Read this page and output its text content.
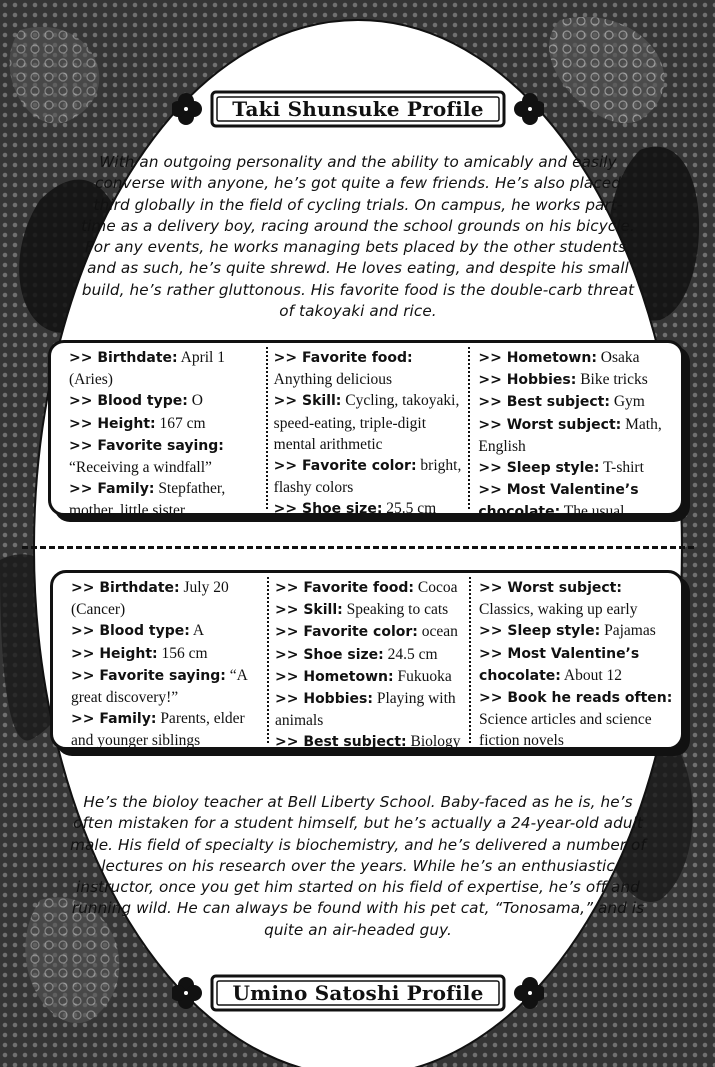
Taki Shunsuke Profile

With an outgoing personality and the ability to amicably and easily converse with anyone, he’s got quite a few friends. He’s also placed third globally in the field of cycling trials. On campus, he works part-time as a delivery boy, racing around the school grounds on his bicycle. For any events, he works managing bets placed by the other students, and as such, he’s quite shrewd. He loves eating, and despite his small build, he’s rather gluttonous. His favorite food is the double-carb threat of takoyaki and rice.

>> Birthdate: April 1 (Aries)
>> Blood type: O
>> Height: 167 cm
>> Favorite saying: “Receiving a windfall”
>> Family: Stepfather, mother, little sister
>> Favorite food: Anything delicious
>> Skill: Cycling, takoyaki, speed-eating, triple-digit mental arithmetic
>> Favorite color: bright, flashy colors
>> Shoe size: 25.5 cm
>> Hometown: Osaka
>> Hobbies: Bike tricks
>> Best subject: Gym
>> Worst subject: Math, English
>> Sleep style: T-shirt
>> Most Valentine’s chocolate: The usual
>> Birthdate: July 20 (Cancer)
>> Blood type: A
>> Height: 156 cm
>> Favorite saying: “A great discovery!”
>> Family: Parents, elder and younger siblings
>> Favorite food: Cocoa
>> Skill: Speaking to cats
>> Favorite color: ocean
>> Shoe size: 24.5 cm
>> Hometown: Fukuoka
>> Hobbies: Playing with animals
>> Best subject: Biology
>> Worst subject: Classics, waking up early
>> Sleep style: Pajamas
>> Most Valentine’s chocolate: About 12
>> Book he reads often: Science articles and science fiction novels

He’s the bioloy teacher at Bell Liberty School. Baby-faced as he is, he’s often mistaken for a student himself, but he’s actually a 24-year-old adult male. His field of specialty is biochemistry, and he’s delivered a number of lectures on his research over the years. While he’s an enthusiastic instructor, once you get him started on his field of expertise, he’s off and running wild. He can always be found with his pet cat, “Tonosama,” and is quite an air-headed guy.

Umino Satoshi Profile
